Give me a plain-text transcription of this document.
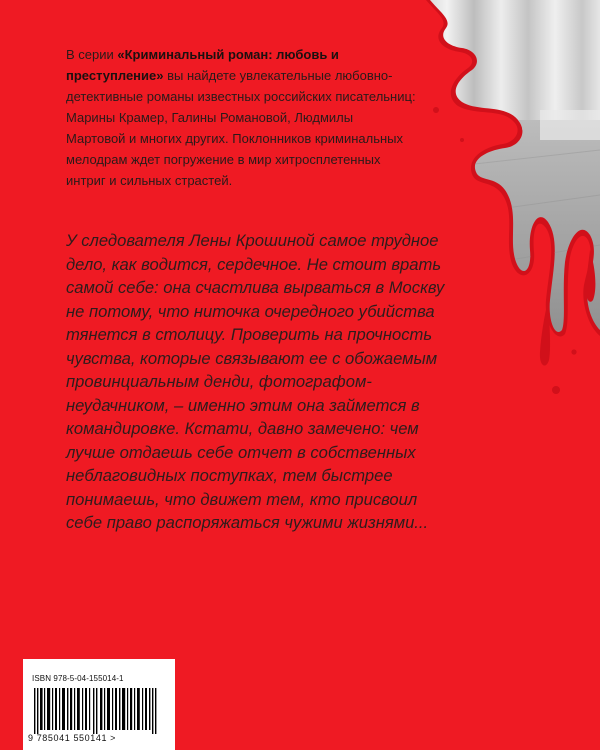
В серии «Криминальный роман: любовь и преступление» вы найдете увлекательные любовно-детективные романы известных российских писательниц: Марины Крамер, Галины Романовой, Людмилы Мартовой и многих других. Поклонников криминальных мелодрам ждет погружение в мир хитросплетенных интриг и сильных страстей.
У следователя Лены Крошиной самое трудное дело, как водится, сердечное. Не стоит врать самой себе: она счастлива вырваться в Москву не потому, что ниточка очередного убийства тянется в столицу. Проверить на прочность чувства, которые связывают ее с обожаемым провинциальным денди, фотографом-неудачником, – именно этим она займется в командировке. Кстати, давно замечено: чем лучше отдаешь себе отчет в собственных неблаговидных поступках, тем быстрее понимаешь, что движет тем, кто присвоил себе право распоряжаться чужими жизнями...
ISBN 978-5-04-155014-1
9 785041 550141 >
